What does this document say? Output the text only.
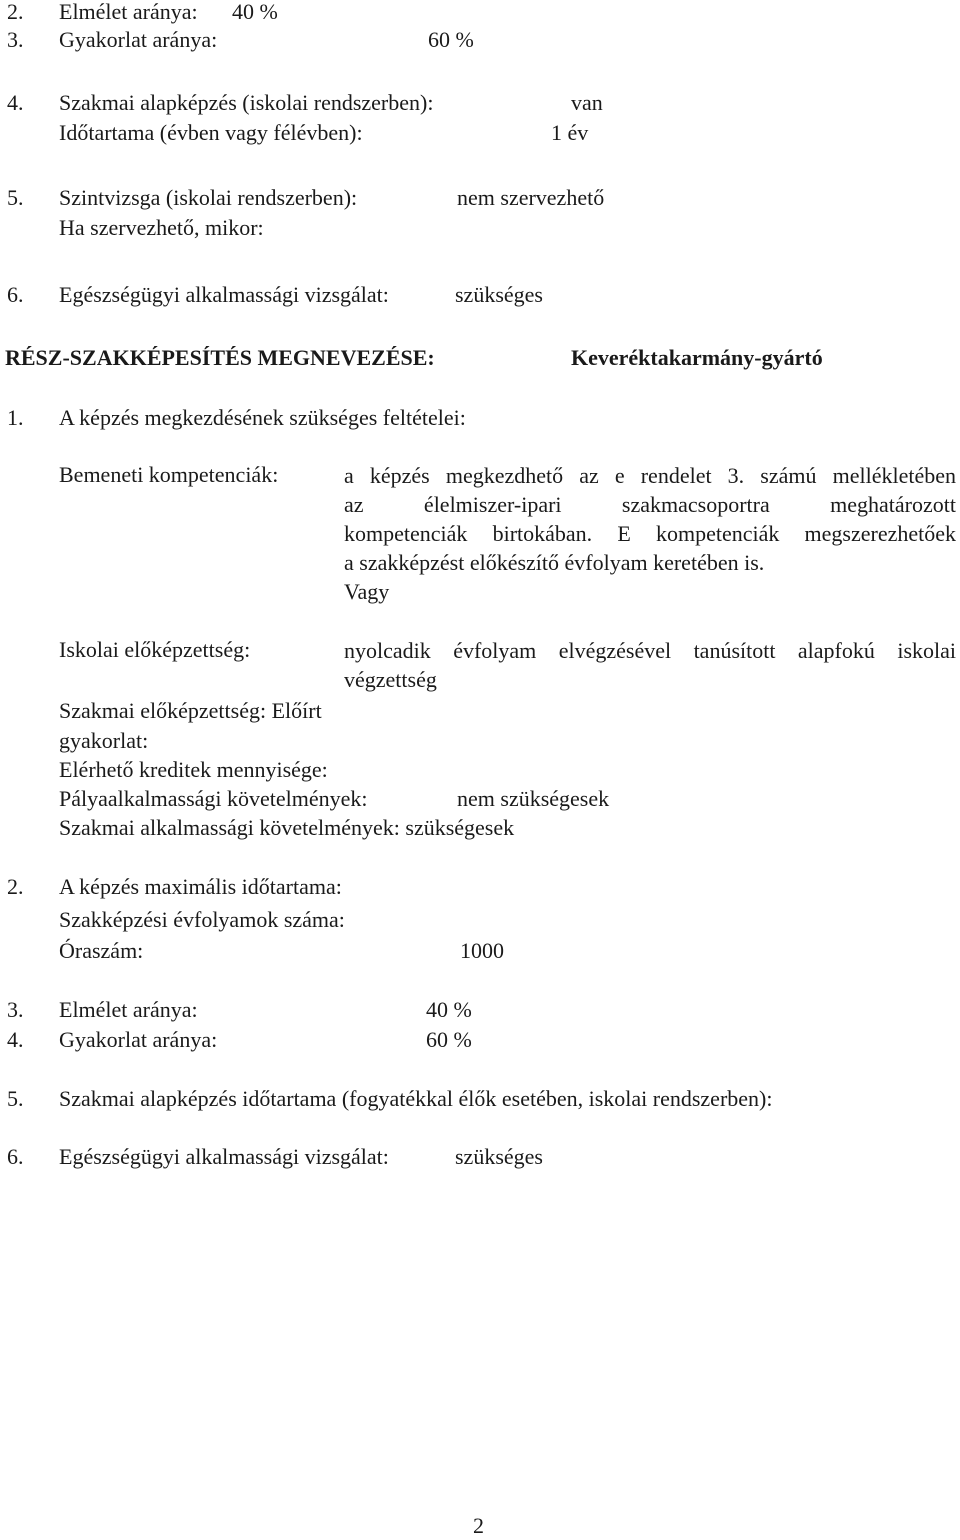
2. Elmélet aránya: 40 %
3. Gyakorlat aránya:	60 %
4. Szakmai alapképzés (iskolai rendszerben):	van
Időtartama (évben vagy félévben):	1 év
5. Szintvizsga (iskolai rendszerben):	nem szervezhető
Ha szervezhető, mikor:
6. Egészségügyi alkalmassági vizsgálat:	szükséges
RÉSZ-SZAKKÉPESÍTÉS MEGNEVEZÉSE:	Keveréktakarmány-gyártó
1. A képzés megkezdésének szükséges feltételei:
Bemeneti kompetenciák:	a képzés megkezdhető az e rendelet 3. számú mellékletében
az élelmiszer-ipari szakmacsoportra meghatározott
kompetenciák birtokában. E kompetenciák megszerezhetőek
a szakképzést előkészítő évfolyam keretében is.
Vagy
Iskolai előképzettség:	nyolcadik évfolyam elvégzésével tanúsított alapfokú iskolai
végzettség
Szakmai előképzettség: Előírt
gyakorlat:
Elérhető kreditek mennyisége:
Pályaalkalmassági követelmények:	nem szükségesek
Szakmai alkalmassági követelmények: szükségesek
2. A képzés maximális időtartama:
Szakképzési évfolyamok száma:
Óraszám:	1000
3. Elmélet aránya:	40 %
4. Gyakorlat aránya:	60 %
5. Szakmai alapképzés időtartama (fogyatékkal élők esetében, iskolai rendszerben):
6. Egészségügyi alkalmassági vizsgálat:	szükséges
2
